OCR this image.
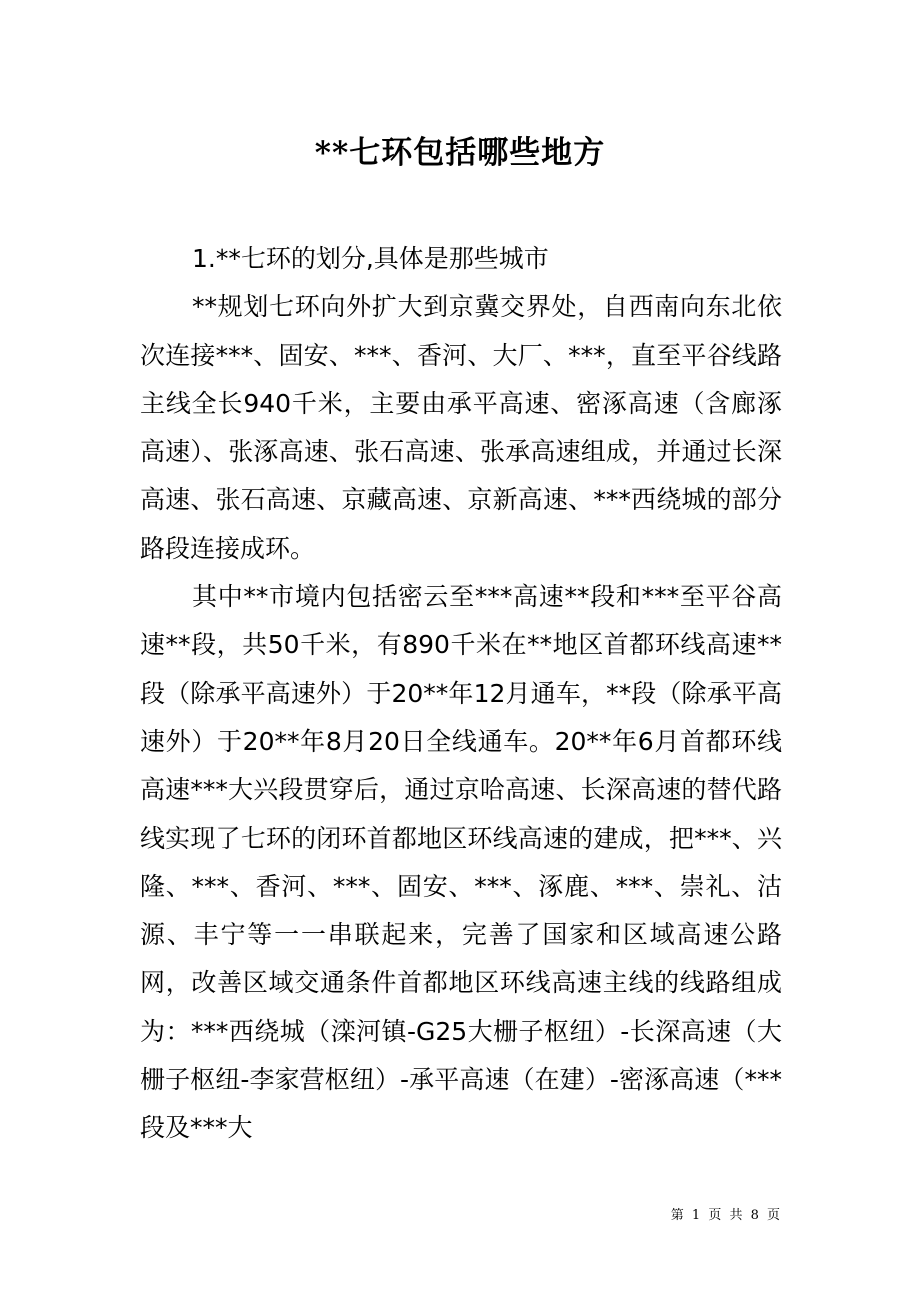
**七环包括哪些地方

1.**七环的划分,具体是那些城市

**规划七环向外扩大到京冀交界处，自西南向东北依次连接***、固安、***、香河、大厂、***，直至平谷线路主线全长940千米，主要由承平高速、密涿高速（含廊涿高速）、张涿高速、张石高速、张承高速组成，并通过长深高速、张石高速、京藏高速、京新高速、***西绕城的部分路段连接成环。

其中**市境内包括密云至***高速**段和***至平谷高速**段，共50千米，有890千米在**地区首都环线高速**段（除承平高速外）于20**年12月通车，**段（除承平高速外）于20**年8月20日全线通车。20**年6月首都环线高速***大兴段贯穿后，通过京哈高速、长深高速的替代路线实现了七环的闭环首都地区环线高速的建成，把***、兴隆、***、香河、***、固安、***、涿鹿、***、崇礼、沽源、丰宁等一一串联起来，完善了国家和区域高速公路网，改善区域交通条件首都地区环线高速主线的线路组成为：***西绕城（滦河镇-G25大栅子枢纽）-长深高速（大栅子枢纽-李家营枢纽）-承平高速（在建）-密涿高速（***段及***大

第 1 页 共 8 页
